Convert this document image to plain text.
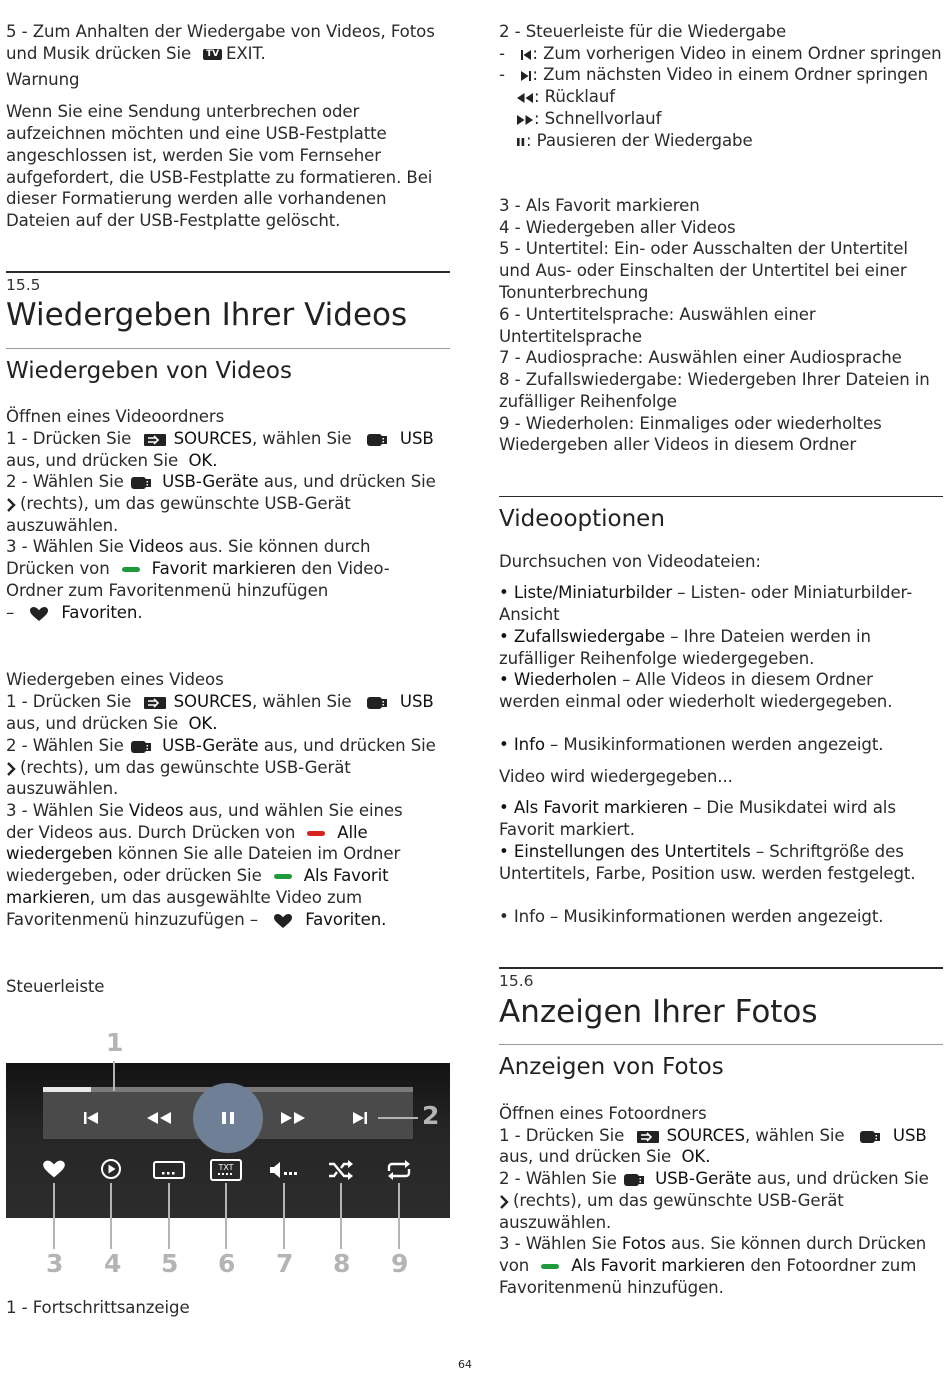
5 - Zum Anhalten der Wiedergabe von Videos, Fotos
und Musik drücken Sie TV EXIT.
Warnung
Wenn Sie eine Sendung unterbrechen oder
aufzeichnen möchten und eine USB-Festplatte
angeschlossen ist, werden Sie vom Fernseher
aufgefordert, die USB-Festplatte zu formatieren. Bei
dieser Formatierung werden alle vorhandenen
Dateien auf der USB-Festplatte gelöscht.
15.5
Wiedergeben Ihrer Videos
Wiedergeben von Videos
Öffnen eines Videoordners
1 - Drücken Sie	SOURCES, wählen Sie	USB
aus, und drücken Sie OK.
2 - Wählen Sie USB-Geräte aus, und drücken Sie
(rechts), um das gewünschte USB-Gerät
auszuwählen.
3 - Wählen Sie Videos aus. Sie können durch
Drücken von	Favorit markieren den Video-
Ordner zum Favoritenmenü hinzufügen
–	Favoriten.
Wiedergeben eines Videos
1 - Drücken Sie	SOURCES, wählen Sie	USB
aus, und drücken Sie OK.
2 - Wählen Sie USB-Geräte aus, und drücken Sie
(rechts), um das gewünschte USB-Gerät
auszuwählen.
3 - Wählen Sie Videos aus, und wählen Sie eines
der Videos aus. Durch Drücken von	Alle
wiedergeben können Sie alle Dateien im Ordner
wiedergeben, oder drücken Sie	Als Favorit
markieren, um das ausgewählte Video zum
Favoritenmenü hinzuzufügen –	Favoriten.
Steuerleiste
1 - Fortschrittsanzeige
TXT
1
2
3 4 5 6 7 8 9
2 - Steuerleiste für die Wiedergabe
- : Zum vorherigen Video in einem Ordner springen
- : Zum nächsten Video in einem Ordner springen
: Rücklauf
: Schnellvorlauf
: Pausieren der Wiedergabe
3 - Als Favorit markieren
4 - Wiedergeben aller Videos
5 - Untertitel: Ein- oder Ausschalten der Untertitel
und Aus- oder Einschalten der Untertitel bei einer
Tonunterbrechung
6 - Untertitelsprache: Auswählen einer
Untertitelsprache
7 - Audiosprache: Auswählen einer Audiosprache
8 - Zufallswiedergabe: Wiedergeben Ihrer Dateien in
zufälliger Reihenfolge
9 - Wiederholen: Einmaliges oder wiederholtes
Wiedergeben aller Videos in diesem Ordner
Videooptionen
Durchsuchen von Videodateien:
• Liste/Miniaturbilder – Listen- oder Miniaturbilder-
Ansicht
• Zufallswiedergabe – Ihre Dateien werden in
zufälliger Reihenfolge wiedergegeben.
• Wiederholen – Alle Videos in diesem Ordner
werden einmal oder wiederholt wiedergegeben.
• Info – Musikinformationen werden angezeigt.
Video wird wiedergegeben...
• Als Favorit markieren – Die Musikdatei wird als
Favorit markiert.
• Einstellungen des Untertitels – Schriftgröße des
Untertitels, Farbe, Position usw. werden festgelegt.
• Info – Musikinformationen werden angezeigt.
15.6
Anzeigen Ihrer Fotos
Anzeigen von Fotos
Öffnen eines Fotoordners
1 - Drücken Sie	SOURCES, wählen Sie	USB
aus, und drücken Sie OK.
2 - Wählen Sie USB-Geräte aus, und drücken Sie
(rechts), um das gewünschte USB-Gerät
auszuwählen.
3 - Wählen Sie Fotos aus. Sie können durch Drücken
von	Als Favorit markieren den Fotoordner zum
Favoritenmenü hinzufügen.
64
